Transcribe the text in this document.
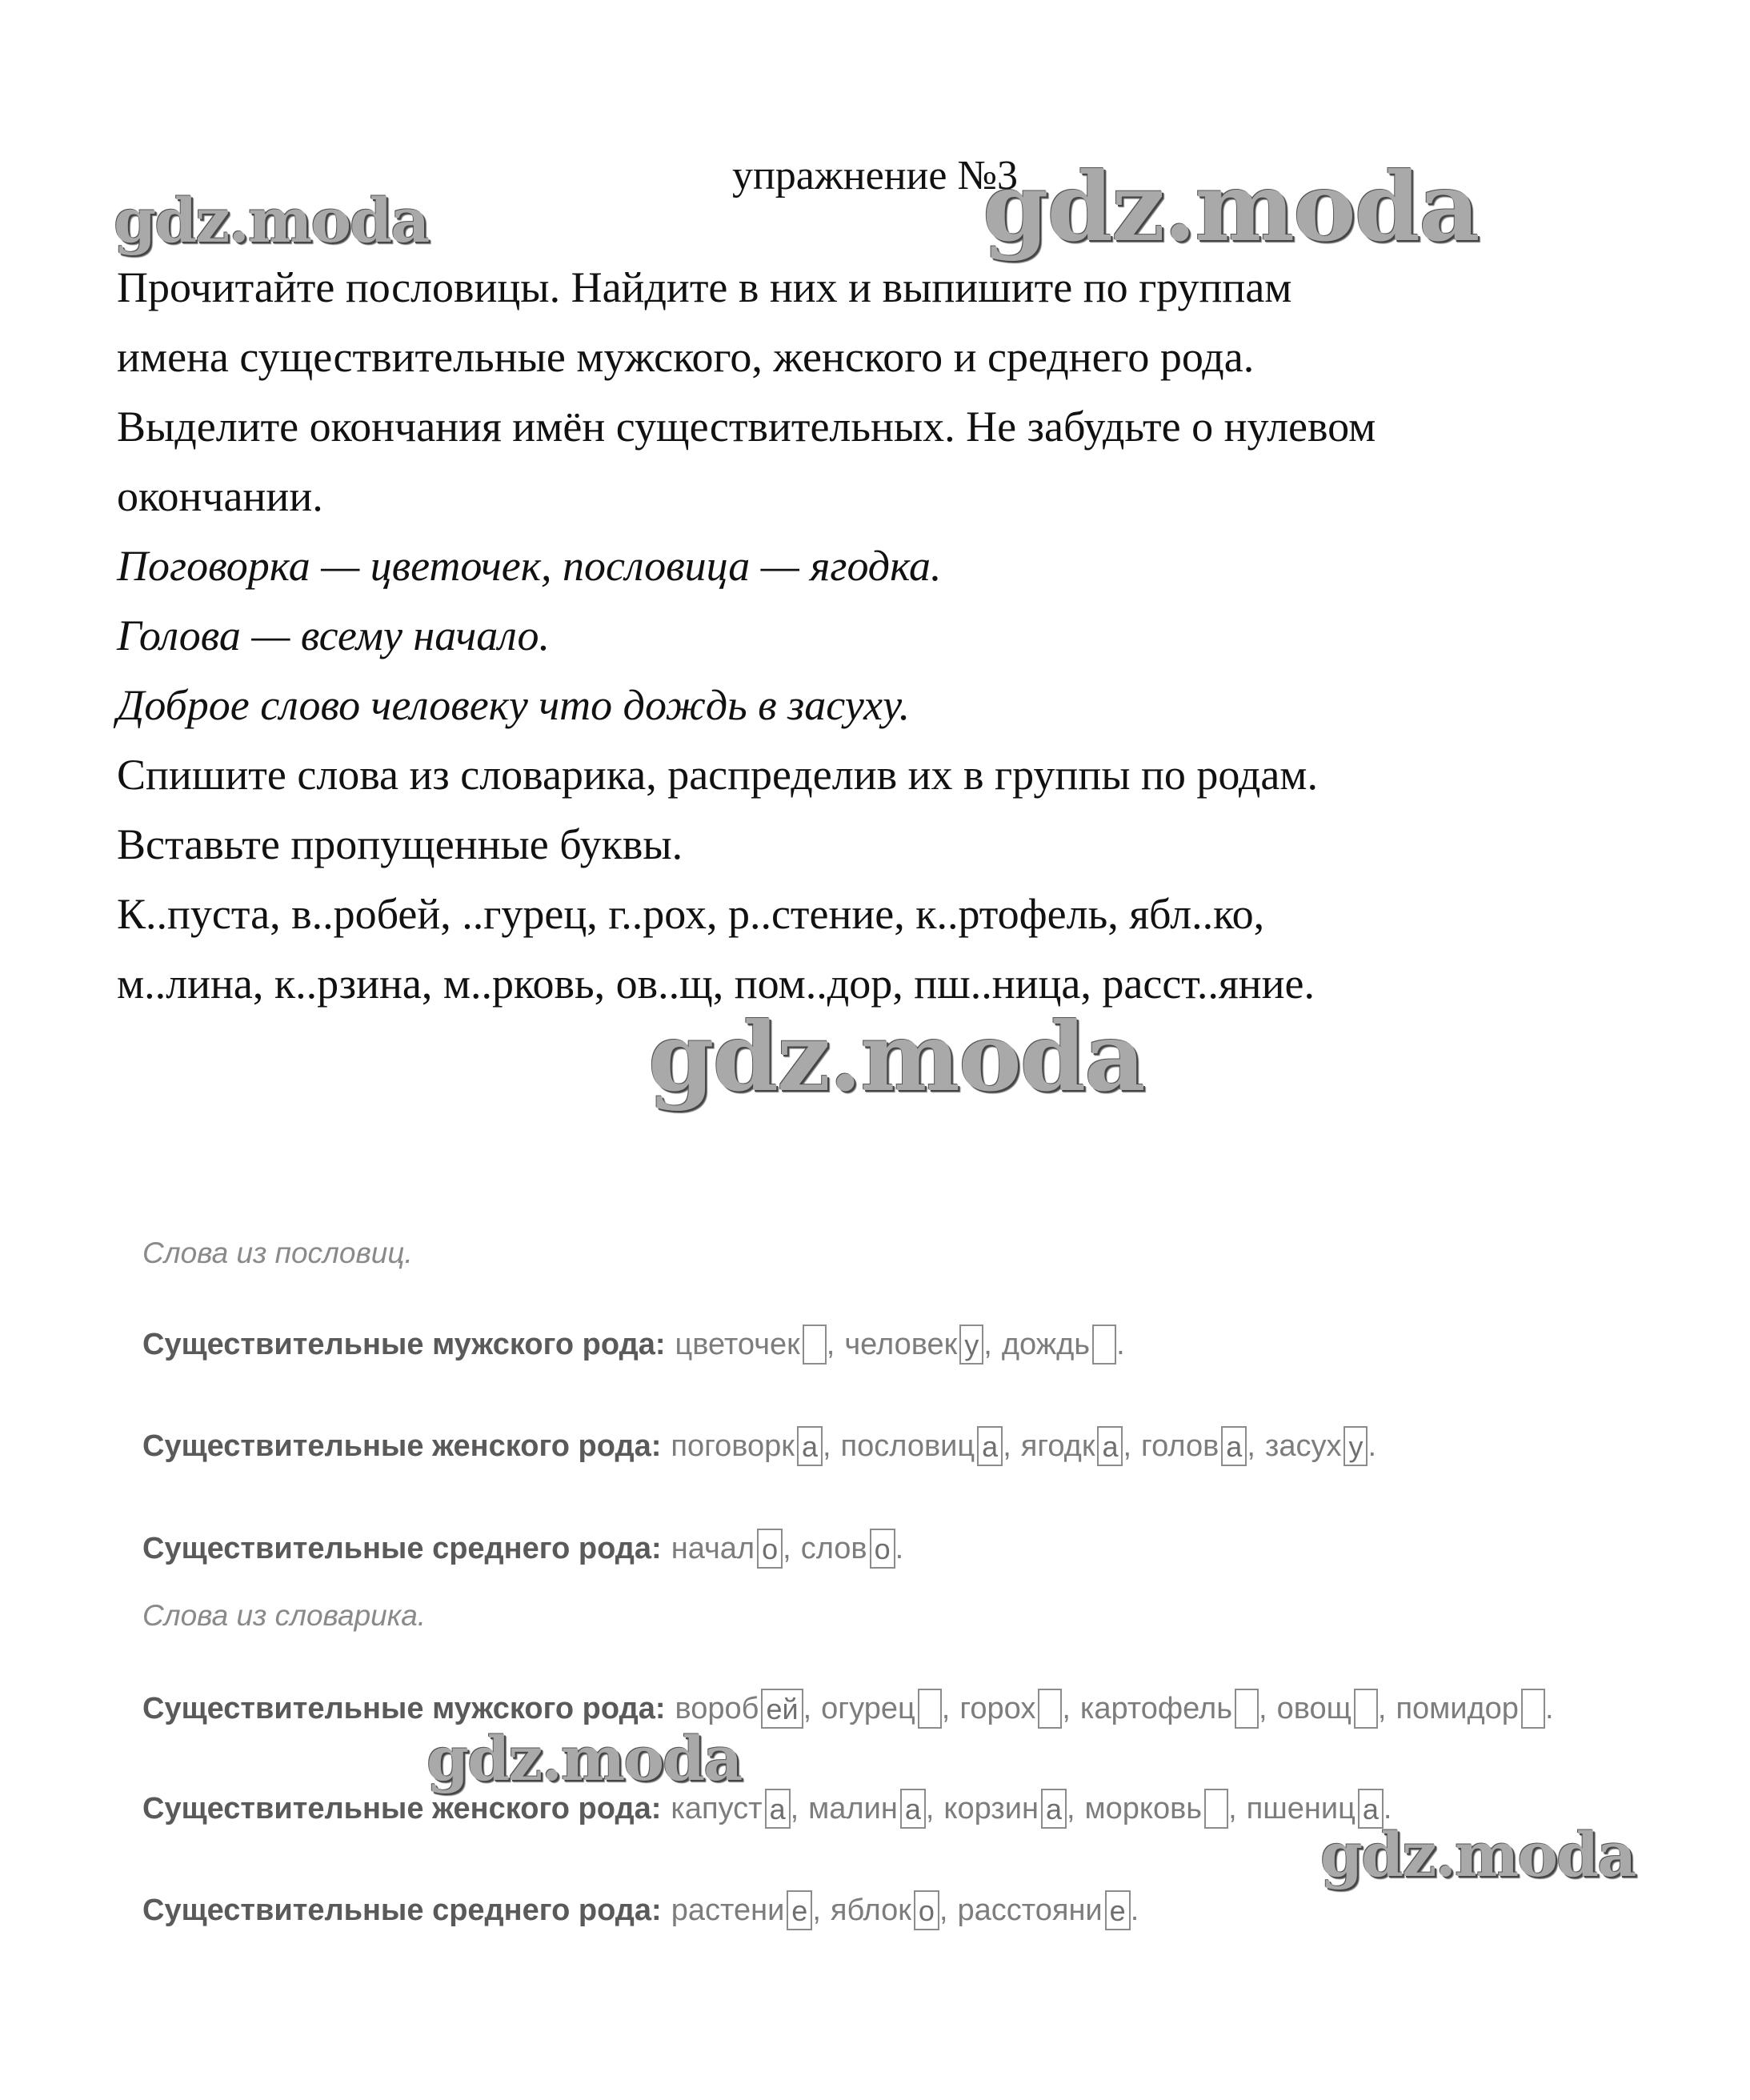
gdz.moda	gdz.moda
gdz.moda
gdz.moda
gdz.moda
упражнение №3
Прочитайте пословицы. Найдите в них и выпишите по группам
имена существительные мужского, женского и среднего рода.
Выделите окончания имён существительных. Не забудьте о нулевом
окончании.
Поговорка — цветочек, пословица — ягодка.
Голова — всему начало.
Доброе слово человеку что дождь в засуху.
Спишите слова из словарика, распределив их в группы по родам.
Вставьте пропущенные буквы.
К..пуста, в..робей, ..гурец, г..рох, р..стение, к..ртофель, ябл..ко,
м..лина, к..рзина, м..рковь, ов..щ, пом..дор, пш..ница, расст..яние.
Слова из пословиц.
Существительные мужского рода: цветочек , человек у , дождь .
Существительные женского рода: поговорк а , пословиц а , ягодк а , голов а , засух у .
Существительные среднего рода: начал о , слов о .
Слова из словарика.
Существительные мужского рода: вороб ей , огурец , горох , картофель , овощ , помидор .
Существительные женского рода: капуст а , малин а , корзин а , морковь , пшениц а .
Существительные среднего рода: растени е , яблок о , расстояни е .
